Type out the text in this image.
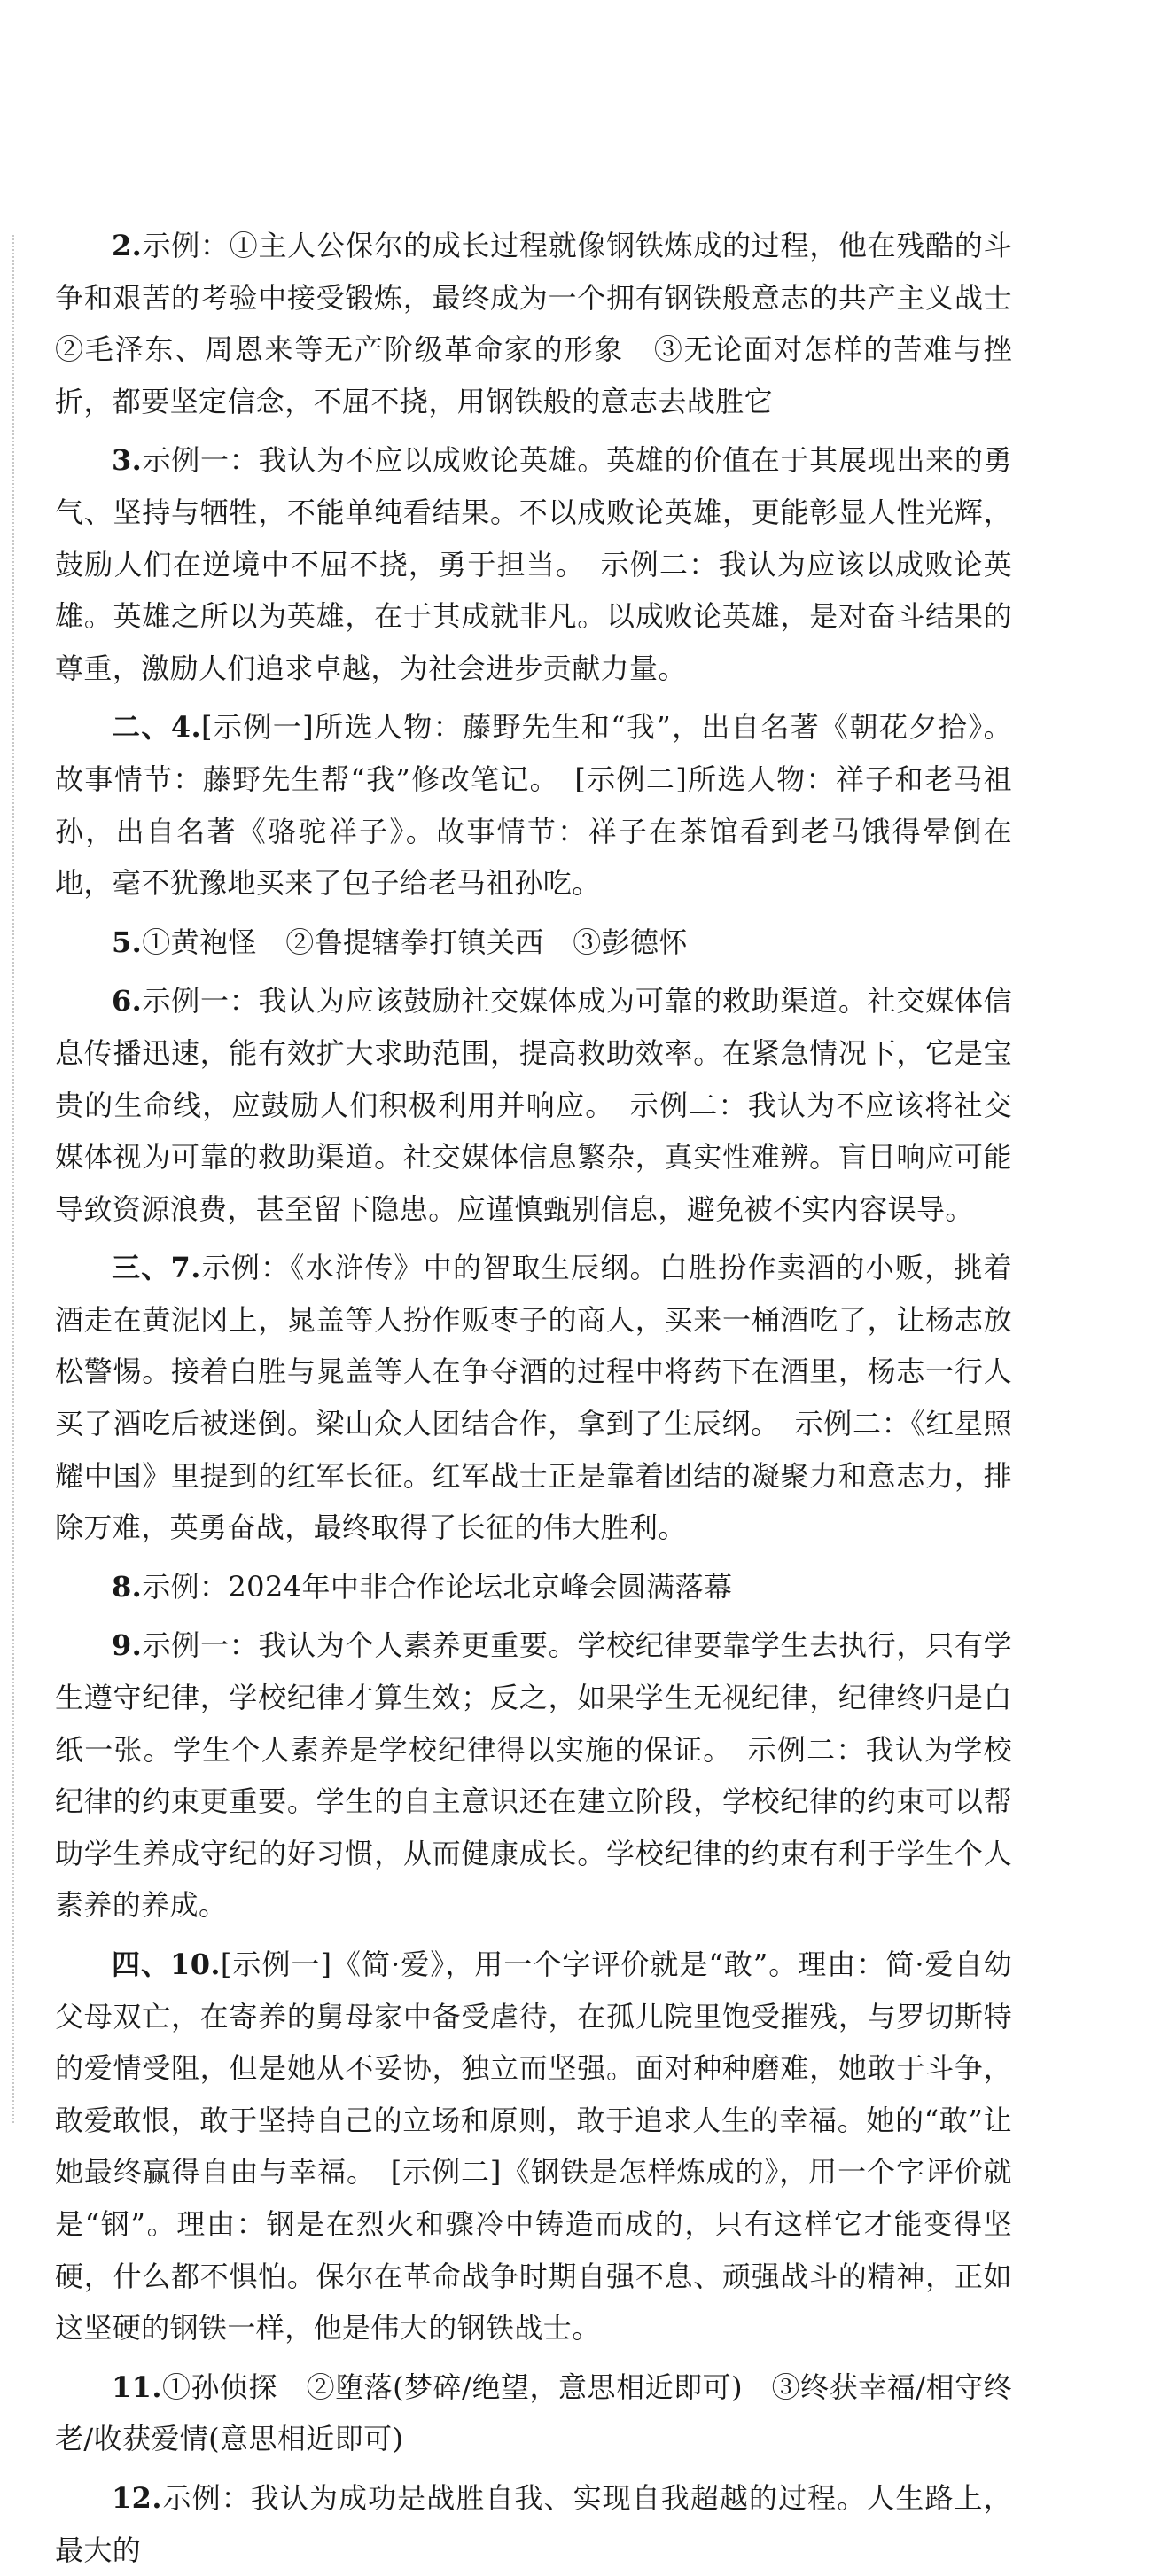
2.示例：①主人公保尔的成长过程就像钢铁炼成的过程，他在残酷的斗争和艰苦的考验中接受锻炼，最终成为一个拥有钢铁般意志的共产主义战士　②毛泽东、周恩来等无产阶级革命家的形象　③无论面对怎样的苦难与挫折，都要坚定信念，不屈不挠，用钢铁般的意志去战胜它

3.示例一：我认为不应以成败论英雄。英雄的价值在于其展现出来的勇气、坚持与牺牲，不能单纯看结果。不以成败论英雄，更能彰显人性光辉，鼓励人们在逆境中不屈不挠，勇于担当。　示例二：我认为应该以成败论英雄。英雄之所以为英雄，在于其成就非凡。以成败论英雄，是对奋斗结果的尊重，激励人们追求卓越，为社会进步贡献力量。

二、4.[示例一]所选人物：藤野先生和“我”，出自名著《朝花夕拾》。故事情节：藤野先生帮“我”修改笔记。　[示例二]所选人物：祥子和老马祖孙，出自名著《骆驼祥子》。故事情节：祥子在茶馆看到老马饿得晕倒在地，毫不犹豫地买来了包子给老马祖孙吃。

5.①黄袍怪　②鲁提辖拳打镇关西　③彭德怀

6.示例一：我认为应该鼓励社交媒体成为可靠的救助渠道。社交媒体信息传播迅速，能有效扩大求助范围，提高救助效率。在紧急情况下，它是宝贵的生命线，应鼓励人们积极利用并响应。　示例二：我认为不应该将社交媒体视为可靠的救助渠道。社交媒体信息繁杂，真实性难辨。盲目响应可能导致资源浪费，甚至留下隐患。应谨慎甄别信息，避免被不实内容误导。

三、7.示例：《水浒传》中的智取生辰纲。白胜扮作卖酒的小贩，挑着酒走在黄泥冈上，晁盖等人扮作贩枣子的商人，买来一桶酒吃了，让杨志放松警惕。接着白胜与晁盖等人在争夺酒的过程中将药下在酒里，杨志一行人买了酒吃后被迷倒。梁山众人团结合作，拿到了生辰纲。　示例二：《红星照耀中国》里提到的红军长征。红军战士正是靠着团结的凝聚力和意志力，排除万难，英勇奋战，最终取得了长征的伟大胜利。

8.示例：2024年中非合作论坛北京峰会圆满落幕

9.示例一：我认为个人素养更重要。学校纪律要靠学生去执行，只有学生遵守纪律，学校纪律才算生效；反之，如果学生无视纪律，纪律终归是白纸一张。学生个人素养是学校纪律得以实施的保证。　示例二：我认为学校纪律的约束更重要。学生的自主意识还在建立阶段，学校纪律的约束可以帮助学生养成守纪的好习惯，从而健康成长。学校纪律的约束有利于学生个人素养的养成。

四、10.[示例一]《简·爱》，用一个字评价就是“敢”。理由：简·爱自幼父母双亡，在寄养的舅母家中备受虐待，在孤儿院里饱受摧残，与罗切斯特的爱情受阻，但是她从不妥协，独立而坚强。面对种种磨难，她敢于斗争，敢爱敢恨，敢于坚持自己的立场和原则，敢于追求人生的幸福。她的“敢”让她最终赢得自由与幸福。　[示例二]《钢铁是怎样炼成的》，用一个字评价就是“钢”。理由：钢是在烈火和骤冷中铸造而成的，只有这样它才能变得坚硬，什么都不惧怕。保尔在革命战争时期自强不息、顽强战斗的精神，正如这坚硬的钢铁一样，他是伟大的钢铁战士。

11.①孙侦探　②堕落(梦碎/绝望，意思相近即可)　③终获幸福/相守终老/收获爱情(意思相近即可)

12.示例：我认为成功是战胜自我、实现自我超越的过程。人生路上，最大的
